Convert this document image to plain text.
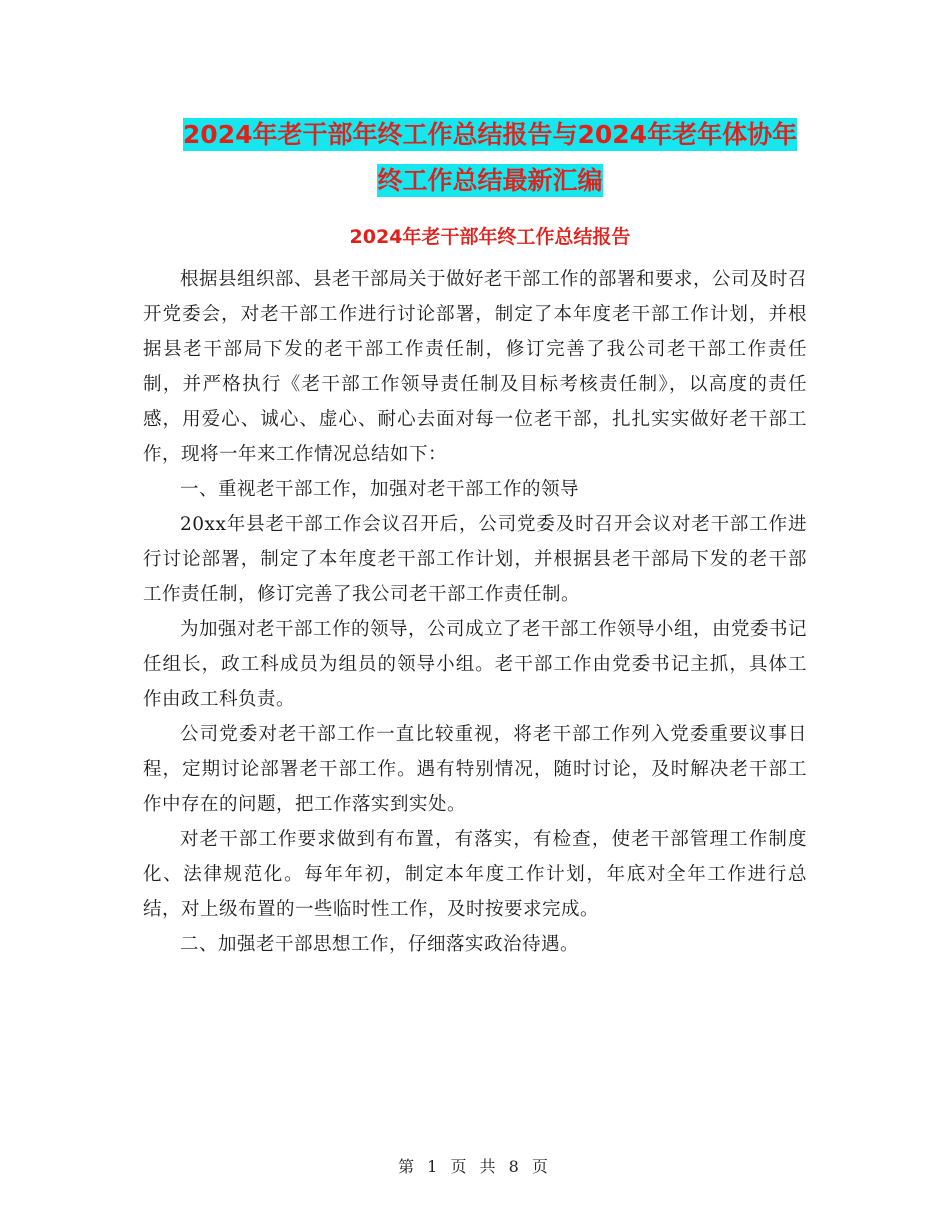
2024年老干部年终工作总结报告与2024年老年体协年
终工作总结最新汇编
2024年老干部年终工作总结报告

根据县组织部、县老干部局关于做好老干部工作的部署和要求，公司及时召开党委会，对老干部工作进行讨论部署，制定了本年度老干部工作计划，并根据县老干部局下发的老干部工作责任制，修订完善了我公司老干部工作责任制，并严格执行《老干部工作领导责任制及目标考核责任制》，以高度的责任感，用爱心、诚心、虚心、耐心去面对每一位老干部，扎扎实实做好老干部工作，现将一年来工作情况总结如下：

一、重视老干部工作，加强对老干部工作的领导

20xx年县老干部工作会议召开后，公司党委及时召开会议对老干部工作进行讨论部署，制定了本年度老干部工作计划，并根据县老干部局下发的老干部工作责任制，修订完善了我公司老干部工作责任制。

为加强对老干部工作的领导，公司成立了老干部工作领导小组，由党委书记任组长，政工科成员为组员的领导小组。老干部工作由党委书记主抓，具体工作由政工科负责。

公司党委对老干部工作一直比较重视，将老干部工作列入党委重要议事日程，定期讨论部署老干部工作。遇有特别情况，随时讨论，及时解决老干部工作中存在的问题，把工作落实到实处。

对老干部工作要求做到有布置，有落实，有检查，使老干部管理工作制度化、法律规范化。每年年初，制定本年度工作计划，年底对全年工作进行总结，对上级布置的一些临时性工作，及时按要求完成。

二、加强老干部思想工作，仔细落实政治待遇。

第 1 页 共 8 页
